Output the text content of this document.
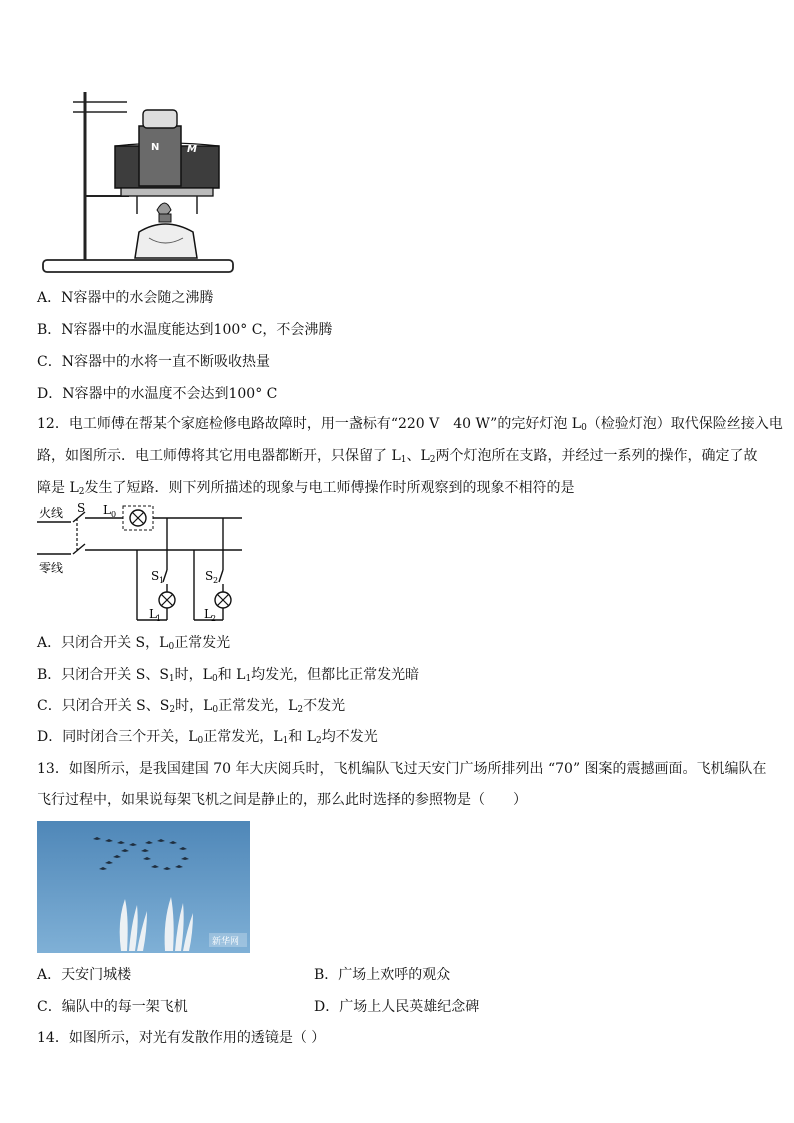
N	M
A．N容器中的水会随之沸腾
B．N容器中的水温度能达到100° C，不会沸腾
C．N容器中的水将一直不断吸收热量
D．N容器中的水温度不会达到100° C
12．电工师傅在帮某个家庭检修电路故障时，用一盏标有“220 V　40 W”的完好灯泡 $L_0$（检验灯泡）取代保险丝接入电
路，如图所示．电工师傅将其它用电器都断开，只保留了 $L_1$、$L_2$两个灯泡所在支路，并经过一系列的操作，确定了故
障是 $L_2$发生了短路．则下列所描述的现象与电工师傅操作时所观察到的现象不相符的是
火线
零线
S L 0
S 1
L 1
S 2
L 2
A．只闭合开关 S，$L_0$正常发光
B．只闭合开关 S、$S_1$时，$L_0$和 $L_1$均发光，但都比正常发光暗
C．只闭合开关 S、$S_2$时，$L_0$正常发光，$L_2$不发光
D．同时闭合三个开关，$L_0$正常发光，$L_1$和 $L_2$均不发光
13．如图所示，是我国建国 70 年大庆阅兵时，飞机编队飞过天安门广场所排列出 “70” 图案的震撼画面。飞机编队在
飞行过程中，如果说每架飞机之间是静止的，那么此时选择的参照物是（　　）
新华网
A．天安门城楼	B．广场上欢呼的观众
C．编队中的每一架飞机	D．广场上人民英雄纪念碑
14．如图所示，对光有发散作用的透镜是（ ）
